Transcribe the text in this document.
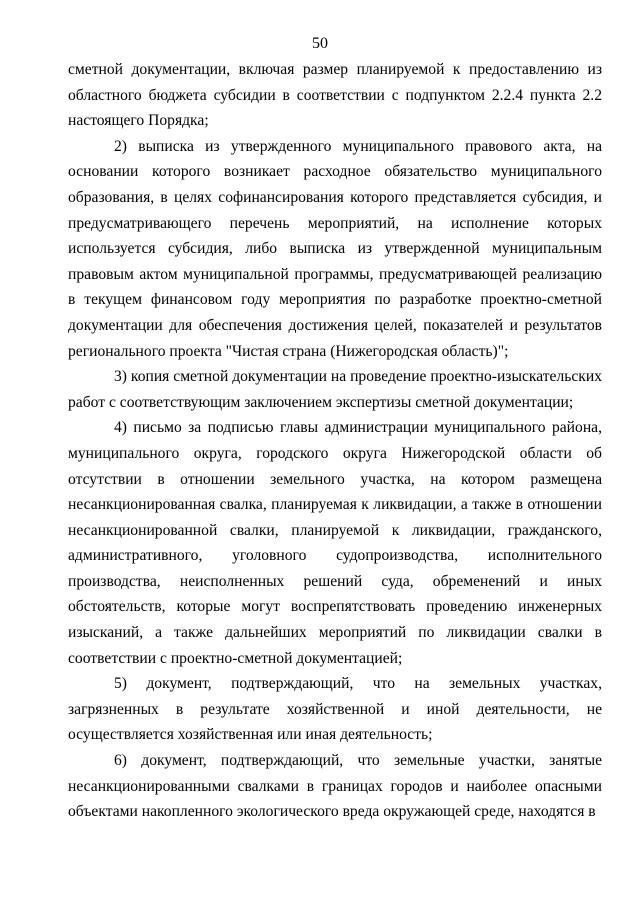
50

сметной документации, включая размер планируемой к предоставлению из областного бюджета субсидии в соответствии с подпунктом 2.2.4 пункта 2.2 настоящего Порядка;

2) выписка из утвержденного муниципального правового акта, на основании которого возникает расходное обязательство муниципального образования, в целях софинансирования которого представляется субсидия, и предусматривающего перечень мероприятий, на исполнение которых используется субсидия, либо выписка из утвержденной муниципальным правовым актом муниципальной программы, предусматривающей реализацию в текущем финансовом году мероприятия по разработке проектно-сметной документации для обеспечения достижения целей, показателей и результатов регионального проекта "Чистая страна (Нижегородская область)";

3) копия сметной документации на проведение проектно-изыскательских работ с соответствующим заключением экспертизы сметной документации;

4) письмо за подписью главы администрации муниципального района, муниципального округа, городского округа Нижегородской области об отсутствии в отношении земельного участка, на котором размещена несанкционированная свалка, планируемая к ликвидации, а также в отношении несанкционированной свалки, планируемой к ликвидации, гражданского, административного, уголовного судопроизводства, исполнительного производства, неисполненных решений суда, обременений и иных обстоятельств, которые могут воспрепятствовать проведению инженерных изысканий, а также дальнейших мероприятий по ликвидации свалки в соответствии с проектно-сметной документацией;

5) документ, подтверждающий, что на земельных участках, загрязненных в результате хозяйственной и иной деятельности, не осуществляется хозяйственная или иная деятельность;

6) документ, подтверждающий, что земельные участки, занятые несанкционированными свалками в границах городов и наиболее опасными объектами накопленного экологического вреда окружающей среде, находятся в
